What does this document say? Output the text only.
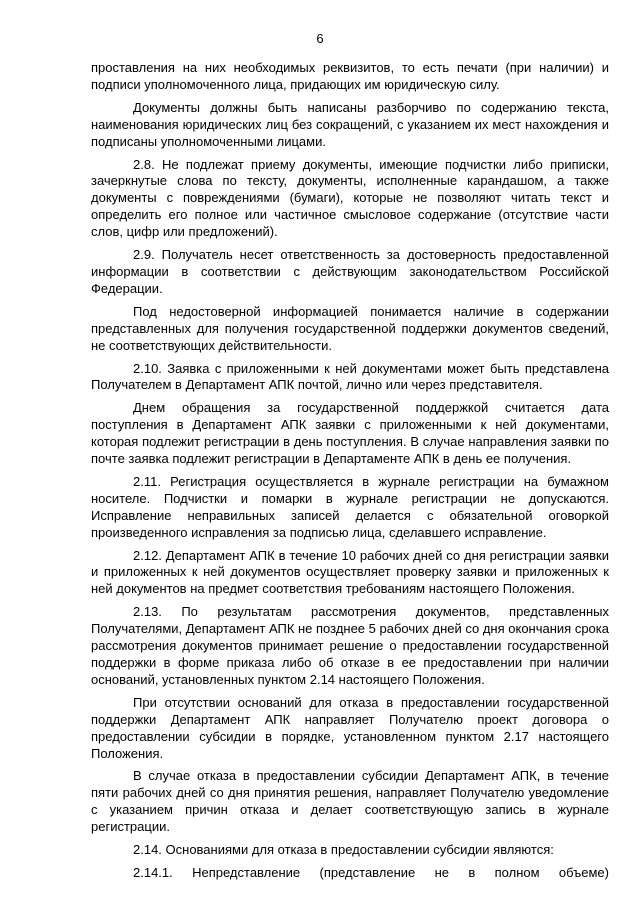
6

проставления на них необходимых реквизитов, то есть печати (при наличии) и подписи уполномоченного лица, придающих им юридическую силу.

Документы должны быть написаны разборчиво по содержанию текста, наименования юридических лиц без сокращений, с указанием их мест нахождения и подписаны уполномоченными лицами.

2.8. Не подлежат приему документы, имеющие подчистки либо приписки, зачеркнутые слова по тексту, документы, исполненные карандашом, а также документы с повреждениями (бумаги), которые не позволяют читать текст и определить его полное или частичное смысловое содержание (отсутствие части слов, цифр или предложений).

2.9. Получатель несет ответственность за достоверность предоставленной информации в соответствии с действующим законодательством Российской Федерации.

Под недостоверной информацией понимается наличие в содержании представленных для получения государственной поддержки документов сведений, не соответствующих действительности.

2.10. Заявка с приложенными к ней документами может быть представлена Получателем в Департамент АПК почтой, лично или через представителя.

Днем обращения за государственной поддержкой считается дата поступления в Департамент АПК заявки с приложенными к ней документами, которая подлежит регистрации в день поступления. В случае направления заявки по почте заявка подлежит регистрации в Департаменте АПК в день ее получения.

2.11. Регистрация осуществляется в журнале регистрации на бумажном носителе. Подчистки и помарки в журнале регистрации не допускаются. Исправление неправильных записей делается с обязательной оговоркой произведенного исправления за подписью лица, сделавшего исправление.

2.12. Департамент АПК в течение 10 рабочих дней со дня регистрации заявки и приложенных к ней документов осуществляет проверку заявки и приложенных к ней документов на предмет соответствия требованиям настоящего Положения.

2.13. По результатам рассмотрения документов, представленных Получателями, Департамент АПК не позднее 5 рабочих дней со дня окончания срока рассмотрения документов принимает решение о предоставлении государственной поддержки в форме приказа либо об отказе в ее предоставлении при наличии оснований, установленных пунктом 2.14 настоящего Положения.

При отсутствии оснований для отказа в предоставлении государственной поддержки Департамент АПК направляет Получателю проект договора о предоставлении субсидии в порядке, установленном пунктом 2.17 настоящего Положения.

В случае отказа в предоставлении субсидии Департамент АПК, в течение пяти рабочих дней со дня принятия решения, направляет Получателю уведомление с указанием причин отказа и делает соответствующую запись в журнале регистрации.

2.14. Основаниями для отказа в предоставлении субсидии являются:

2.14.1. Непредставление (представление не в полном объеме)
